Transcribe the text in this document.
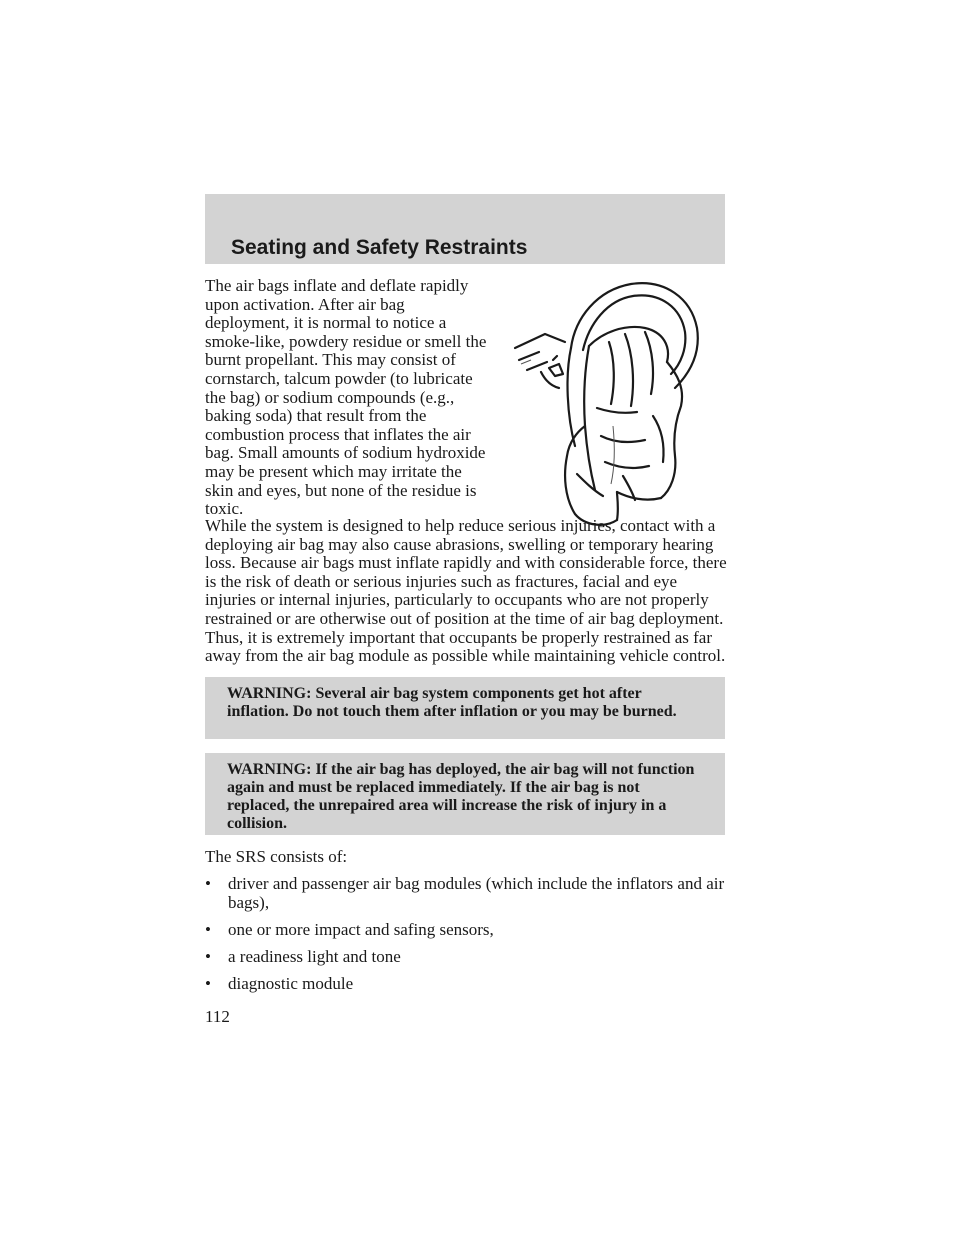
Seating and Safety Restraints

The air bags inflate and deflate rapidly upon activation. After air bag deployment, it is normal to notice a smoke-like, powdery residue or smell the burnt propellant. This may consist of cornstarch, talcum powder (to lubricate the bag) or sodium compounds (e.g., baking soda) that result from the combustion process that inflates the air bag. Small amounts of sodium hydroxide may be present which may irritate the skin and eyes, but none of the residue is toxic.

While the system is designed to help reduce serious injuries, contact with a deploying air bag may also cause abrasions, swelling or temporary hearing loss. Because air bags must inflate rapidly and with considerable force, there is the risk of death or serious injuries such as fractures, facial and eye injuries or internal injuries, particularly to occupants who are not properly restrained or are otherwise out of position at the time of air bag deployment. Thus, it is extremely important that occupants be properly restrained as far away from the air bag module as possible while maintaining vehicle control.

WARNING: Several air bag system components get hot after inflation. Do not touch them after inflation or you may be burned.

WARNING: If the air bag has deployed, the air bag will not function again and must be replaced immediately. If the air bag is not replaced, the unrepaired area will increase the risk of injury in a collision.

The SRS consists of:

• driver and passenger air bag modules (which include the inflators and air bags),
• one or more impact and safing sensors,
• a readiness light and tone
• diagnostic module

112
